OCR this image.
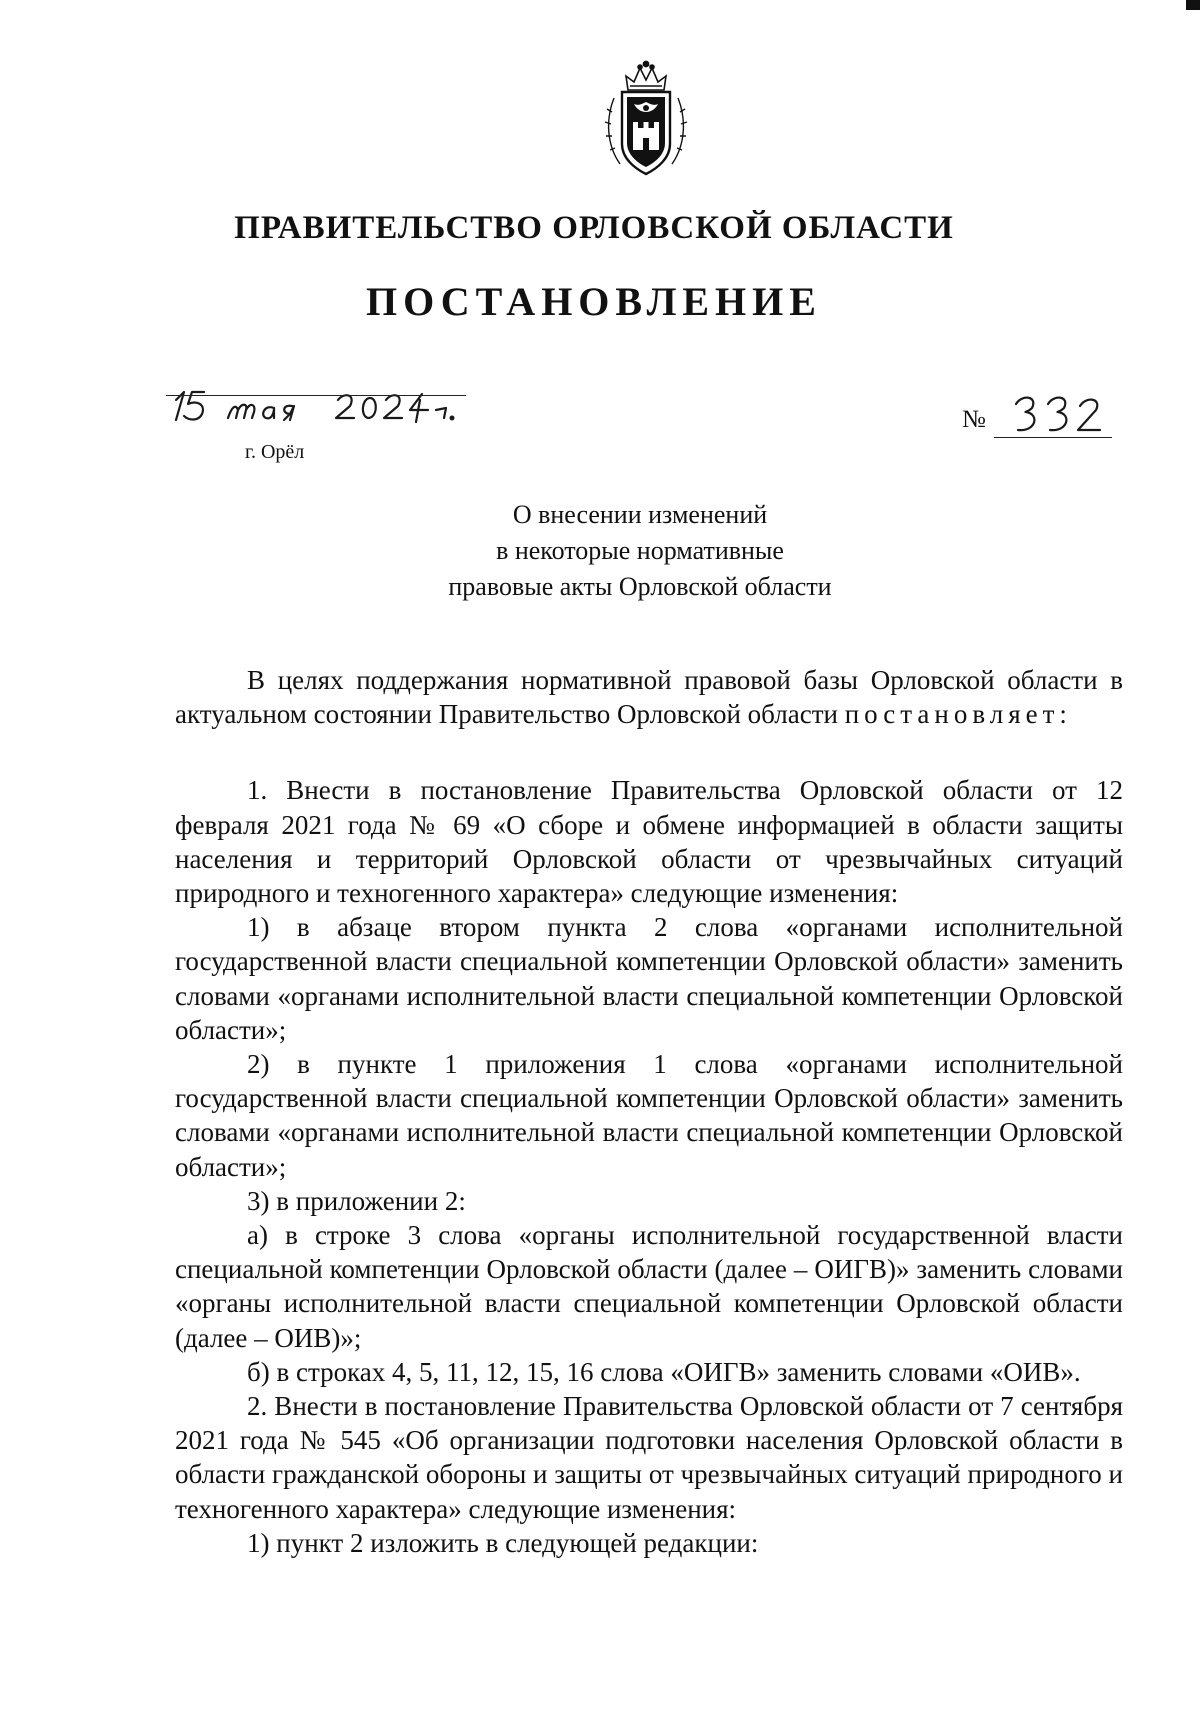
ПРАВИТЕЛЬСТВО ОРЛОВСКОЙ ОБЛАСТИ
ПОСТАНОВЛЕНИЕ
г. Орёл
№
О внесении изменений
в некоторые нормативные
правовые акты Орловской области

В целях поддержания нормативной правовой базы Орловской области в актуальном состоянии Правительство Орловской области постановляет:

1. Внести в постановление Правительства Орловской области от 12 февраля 2021 года № 69 «О сборе и обмене информацией в области защиты населения и территорий Орловской области от чрезвычайных ситуаций природного и техногенного характера» следующие изменения:

1) в абзаце втором пункта 2 слова «органами исполнительной государственной власти специальной компетенции Орловской области» заменить словами «органами исполнительной власти специальной компетенции Орловской области»;

2) в пункте 1 приложения 1 слова «органами исполнительной государственной власти специальной компетенции Орловской области» заменить словами «органами исполнительной власти специальной компетенции Орловской области»;

3) в приложении 2:

а) в строке 3 слова «органы исполнительной государственной власти специальной компетенции Орловской области (далее – ОИГВ)» заменить словами «органы исполнительной власти специальной компетенции Орловской области (далее – ОИВ)»;

б) в строках 4, 5, 11, 12, 15, 16 слова «ОИГВ» заменить словами «ОИВ».

2. Внести в постановление Правительства Орловской области от 7 сентября 2021 года № 545 «Об организации подготовки населения Орловской области в области гражданской обороны и защиты от чрезвычайных ситуаций природного и техногенного характера» следующие изменения:

1) пункт 2 изложить в следующей редакции:
